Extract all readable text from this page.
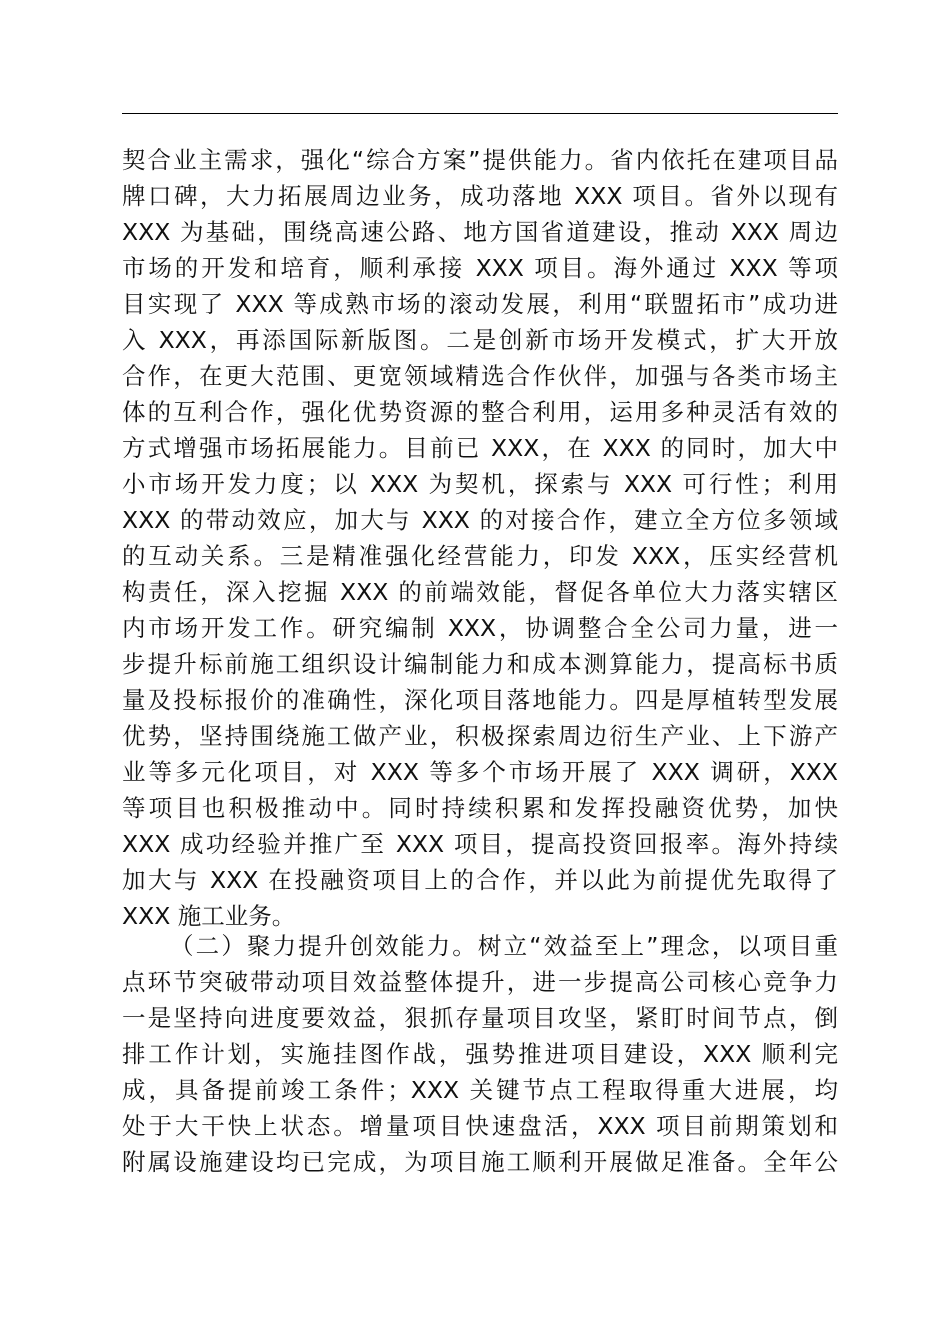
契合业主需求，强化“综合方案”提供能力。省内依托在建项目品
牌口碑，大力拓展周边业务，成功落地 XXX 项目。省外以现有
XXX 为基础，围绕高速公路、地方国省道建设，推动 XXX 周边
市场的开发和培育，顺利承接 XXX 项目。海外通过 XXX 等项
目实现了 XXX 等成熟市场的滚动发展，利用“联盟拓市”成功进
入 XXX，再添国际新版图。二是创新市场开发模式，扩大开放
合作，在更大范围、更宽领域精选合作伙伴，加强与各类市场主
体的互利合作，强化优势资源的整合利用，运用多种灵活有效的
方式增强市场拓展能力。目前已 XXX，在 XXX 的同时，加大中
小市场开发力度；以 XXX 为契机，探索与 XXX 可行性；利用
XXX 的带动效应，加大与 XXX 的对接合作，建立全方位多领域
的互动关系。三是精准强化经营能力，印发 XXX，压实经营机
构责任，深入挖掘 XXX 的前端效能，督促各单位大力落实辖区
内市场开发工作。研究编制 XXX，协调整合全公司力量，进一
步提升标前施工组织设计编制能力和成本测算能力，提高标书质
量及投标报价的准确性，深化项目落地能力。四是厚植转型发展
优势，坚持围绕施工做产业，积极探索周边衍生产业、上下游产
业等多元化项目，对 XXX 等多个市场开展了 XXX 调研，XXX
等项目也积极推动中。同时持续积累和发挥投融资优势，加快
XXX 成功经验并推广至 XXX 项目，提高投资回报率。海外持续
加大与 XXX 在投融资项目上的合作，并以此为前提优先取得了
XXX 施工业务。
（二）聚力提升创效能力。树立“效益至上”理念，以项目重
点环节突破带动项目效益整体提升，进一步提高公司核心竞争力
一是坚持向进度要效益，狠抓存量项目攻坚，紧盯时间节点，倒
排工作计划，实施挂图作战，强势推进项目建设，XXX 顺利完
成，具备提前竣工条件；XXX 关键节点工程取得重大进展，均
处于大干快上状态。增量项目快速盘活，XXX 项目前期策划和
附属设施建设均已完成，为项目施工顺利开展做足准备。全年公
